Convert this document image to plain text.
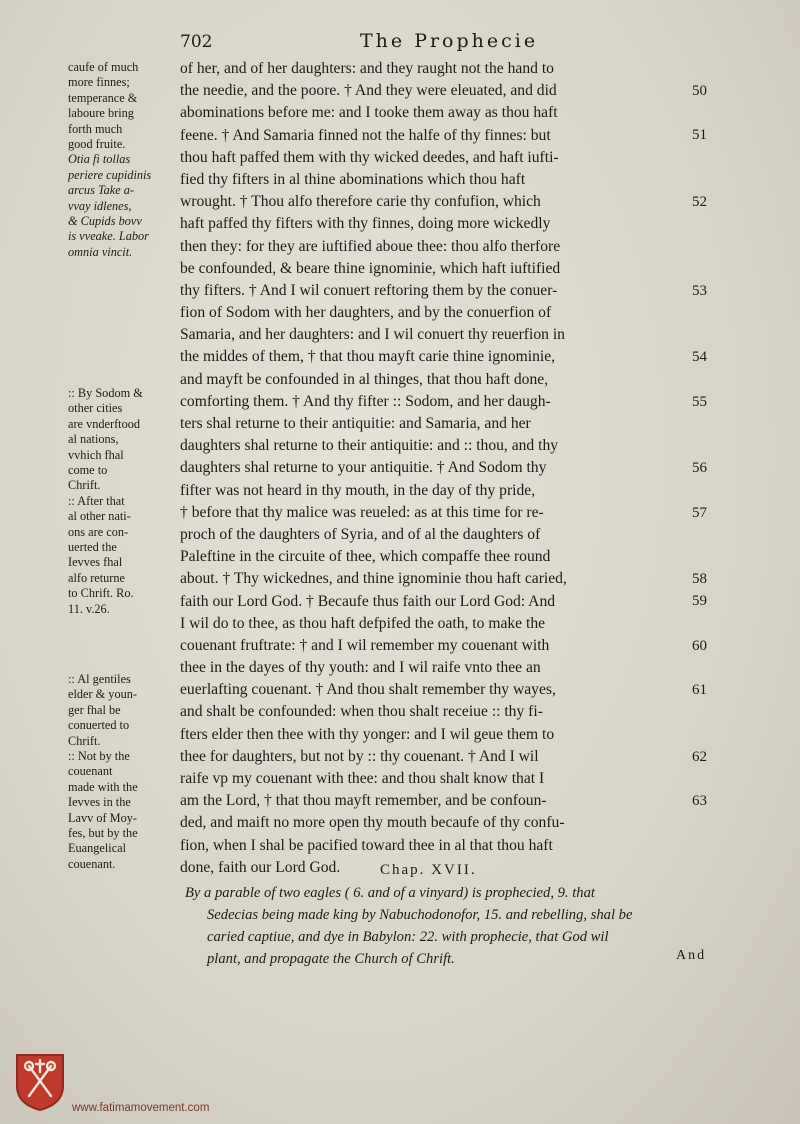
702	The Prophecie

caufe of much

more finnes;

temperance &

laboure bring

forth much

good fruite.

Otia fi tollas

periere cupidinis

arcus Take a-

vvay idlenes,

& Cupids bovv

is vveake. Labor

omnia vincit.

:: By Sodom &

other cities

are vnderftood

al nations,

vvhich fhal

come to

Chrift.

:: After that

al other nati-

ons are con-

uerted the

Ievves fhal

alfo returne

to Chrift. Ro.

11. v.26.

:: Al gentiles

elder & youn-

ger fhal be

conuerted to

Chrift.

:: Not by the

couenant

made with the

Ievves in the

Lavv of Moy-

fes, but by the

Euangelical

couenant.

of her, and of her daughters: and they raught not the hand to
the needie, and the poore. † And they were eleuated, and did
abominations before me: and I tooke them away as thou haft
feene. † And Samaria finned not the halfe of thy finnes: but
thou haft paffed them with thy wicked deedes, and haft iufti-
fied thy fifters in al thine abominations which thou haft
wrought. † Thou alfo therefore carie thy confufion, which
haft paffed thy fifters with thy finnes, doing more wickedly
then they: for they are iuftified aboue thee: thou alfo therfore
be confounded, & beare thine ignominie, which haft iuftified
thy fifters. † And I wil conuert reftoring them by the conuer-
fion of Sodom with her daughters, and by the conuerfion of
Samaria, and her daughters: and I wil conuert thy reuerfion in
the middes of them, † that thou mayft carie thine ignominie,
and mayft be confounded in al thinges, that thou haft done,
comforting them. † And thy fifter :: Sodom, and her daugh-
ters shal returne to their antiquitie: and Samaria, and her
daughters shal returne to their antiquitie: and :: thou, and thy
daughters shal returne to your antiquitie. † And Sodom thy
fifter was not heard in thy mouth, in the day of thy pride,
† before that thy malice was reueled: as at this time for re-
proch of the daughters of Syria, and of al the daughters of
Paleftine in the circuite of thee, which compaffe thee round
about. † Thy wickednes, and thine ignominie thou haft caried,
faith our Lord God. † Becaufe thus faith our Lord God: And
I wil do to thee, as thou haft defpifed the oath, to make the
couenant fruftrate: † and I wil remember my couenant with
thee in the dayes of thy youth: and I wil raife vnto thee an
euerlafting couenant. † And thou shalt remember thy wayes,
and shalt be confounded: when thou shalt receiue :: thy fi-
fters elder then thee with thy yonger: and I wil geue them to
thee for daughters, but not by :: thy couenant. † And I wil
raife vp my couenant with thee: and thou shalt know that I
am the Lord, † that thou mayft remember, and be confoun-
ded, and maift no more open thy mouth becaufe of thy confu-
fion, when I shal be pacified toward thee in al that thou haft
done, faith our Lord God.
50
51
52
53
54
55
56
57
58
59
60
61
62
63
Chap. XVII.
By a parable of two eagles ( 6. and of a vinyard) is prophecied, 9. that
Sedecias being made king by Nabuchodonofor, 15. and rebelling, shal be
caried captiue, and dye in Babylon: 22. with prophecie, that God wil
plant, and propagate the Church of Chrift.	And
www.fatimamovement.com
